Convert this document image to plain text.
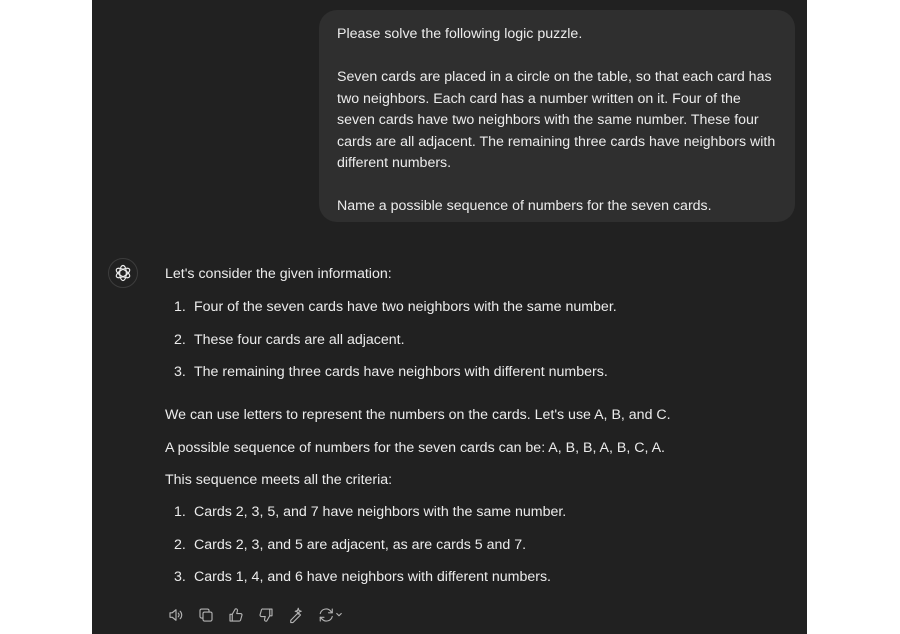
Please solve the following logic puzzle.

Seven cards are placed in a circle on the table, so that each card has

two neighbors. Each card has a number written on it. Four of the

seven cards have two neighbors with the same number. These four

cards are all adjacent. The remaining three cards have neighbors with

different numbers.

Name a possible sequence of numbers for the seven cards.

Let's consider the given information:
1. Four of the seven cards have two neighbors with the same number.
2. These four cards are all adjacent.
3. The remaining three cards have neighbors with different numbers.
We can use letters to represent the numbers on the cards. Let's use A, B, and C.
A possible sequence of numbers for the seven cards can be: A, B, B, A, B, C, A.
This sequence meets all the criteria:
1. Cards 2, 3, 5, and 7 have neighbors with the same number.
2. Cards 2, 3, and 5 are adjacent, as are cards 5 and 7.
3. Cards 1, 4, and 6 have neighbors with different numbers.
